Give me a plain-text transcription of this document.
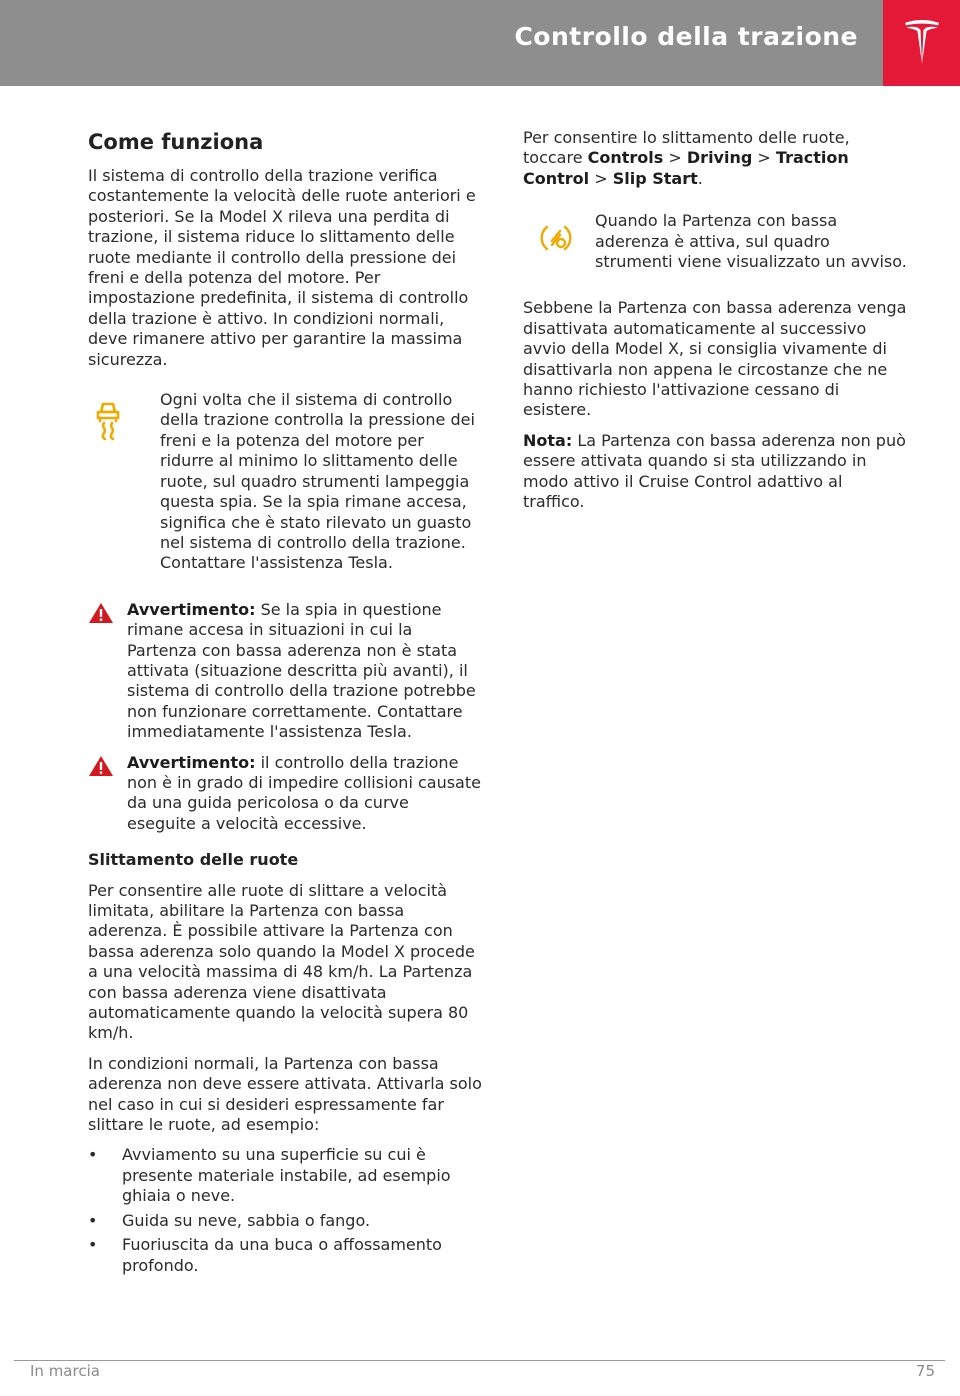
Controllo della trazione
Come funziona

Il sistema di controllo della trazione verifica costantemente la velocità delle ruote anteriori e posteriori. Se la Model X rileva una perdita di trazione, il sistema riduce lo slittamento delle ruote mediante il controllo della pressione dei freni e della potenza del motore. Per impostazione predefinita, il sistema di controllo della trazione è attivo. In condizioni normali, deve rimanere attivo per garantire la massima sicurezza.

Ogni volta che il sistema di controllo della trazione controlla la pressione dei freni e la potenza del motore per ridurre al minimo lo slittamento delle ruote, sul quadro strumenti lampeggia questa spia. Se la spia rimane accesa, significa che è stato rilevato un guasto nel sistema di controllo della trazione. Contattare l'assistenza Tesla.
Avvertimento: Se la spia in questione rimane accesa in situazioni in cui la Partenza con bassa aderenza non è stata attivata (situazione descritta più avanti), il sistema di controllo della trazione potrebbe non funzionare correttamente. Contattare immediatamente l'assistenza Tesla.
Avvertimento: il controllo della trazione non è in grado di impedire collisioni causate da una guida pericolosa o da curve eseguite a velocità eccessive.
Slittamento delle ruote

Per consentire alle ruote di slittare a velocità limitata, abilitare la Partenza con bassa aderenza. È possibile attivare la Partenza con bassa aderenza solo quando la Model X procede a una velocità massima di 48 km/h. La Partenza con bassa aderenza viene disattivata automaticamente quando la velocità supera 80 km/h.

In condizioni normali, la Partenza con bassa aderenza non deve essere attivata. Attivarla solo nel caso in cui si desideri espressamente far slittare le ruote, ad esempio:

• Avviamento su una superficie su cui è presente materiale instabile, ad esempio ghiaia o neve.
• Guida su neve, sabbia o fango.
• Fuoriuscita da una buca o affossamento profondo.

Per consentire lo slittamento delle ruote, toccare Controls > Driving > Traction Control > Slip Start.

Quando la Partenza con bassa aderenza è attiva, sul quadro strumenti viene visualizzato un avviso.

Sebbene la Partenza con bassa aderenza venga disattivata automaticamente al successivo avvio della Model X, si consiglia vivamente di disattivarla non appena le circostanze che ne hanno richiesto l'attivazione cessano di esistere.

Nota: La Partenza con bassa aderenza non può essere attivata quando si sta utilizzando in modo attivo il Cruise Control adattivo al traffico.

In marcia	75
